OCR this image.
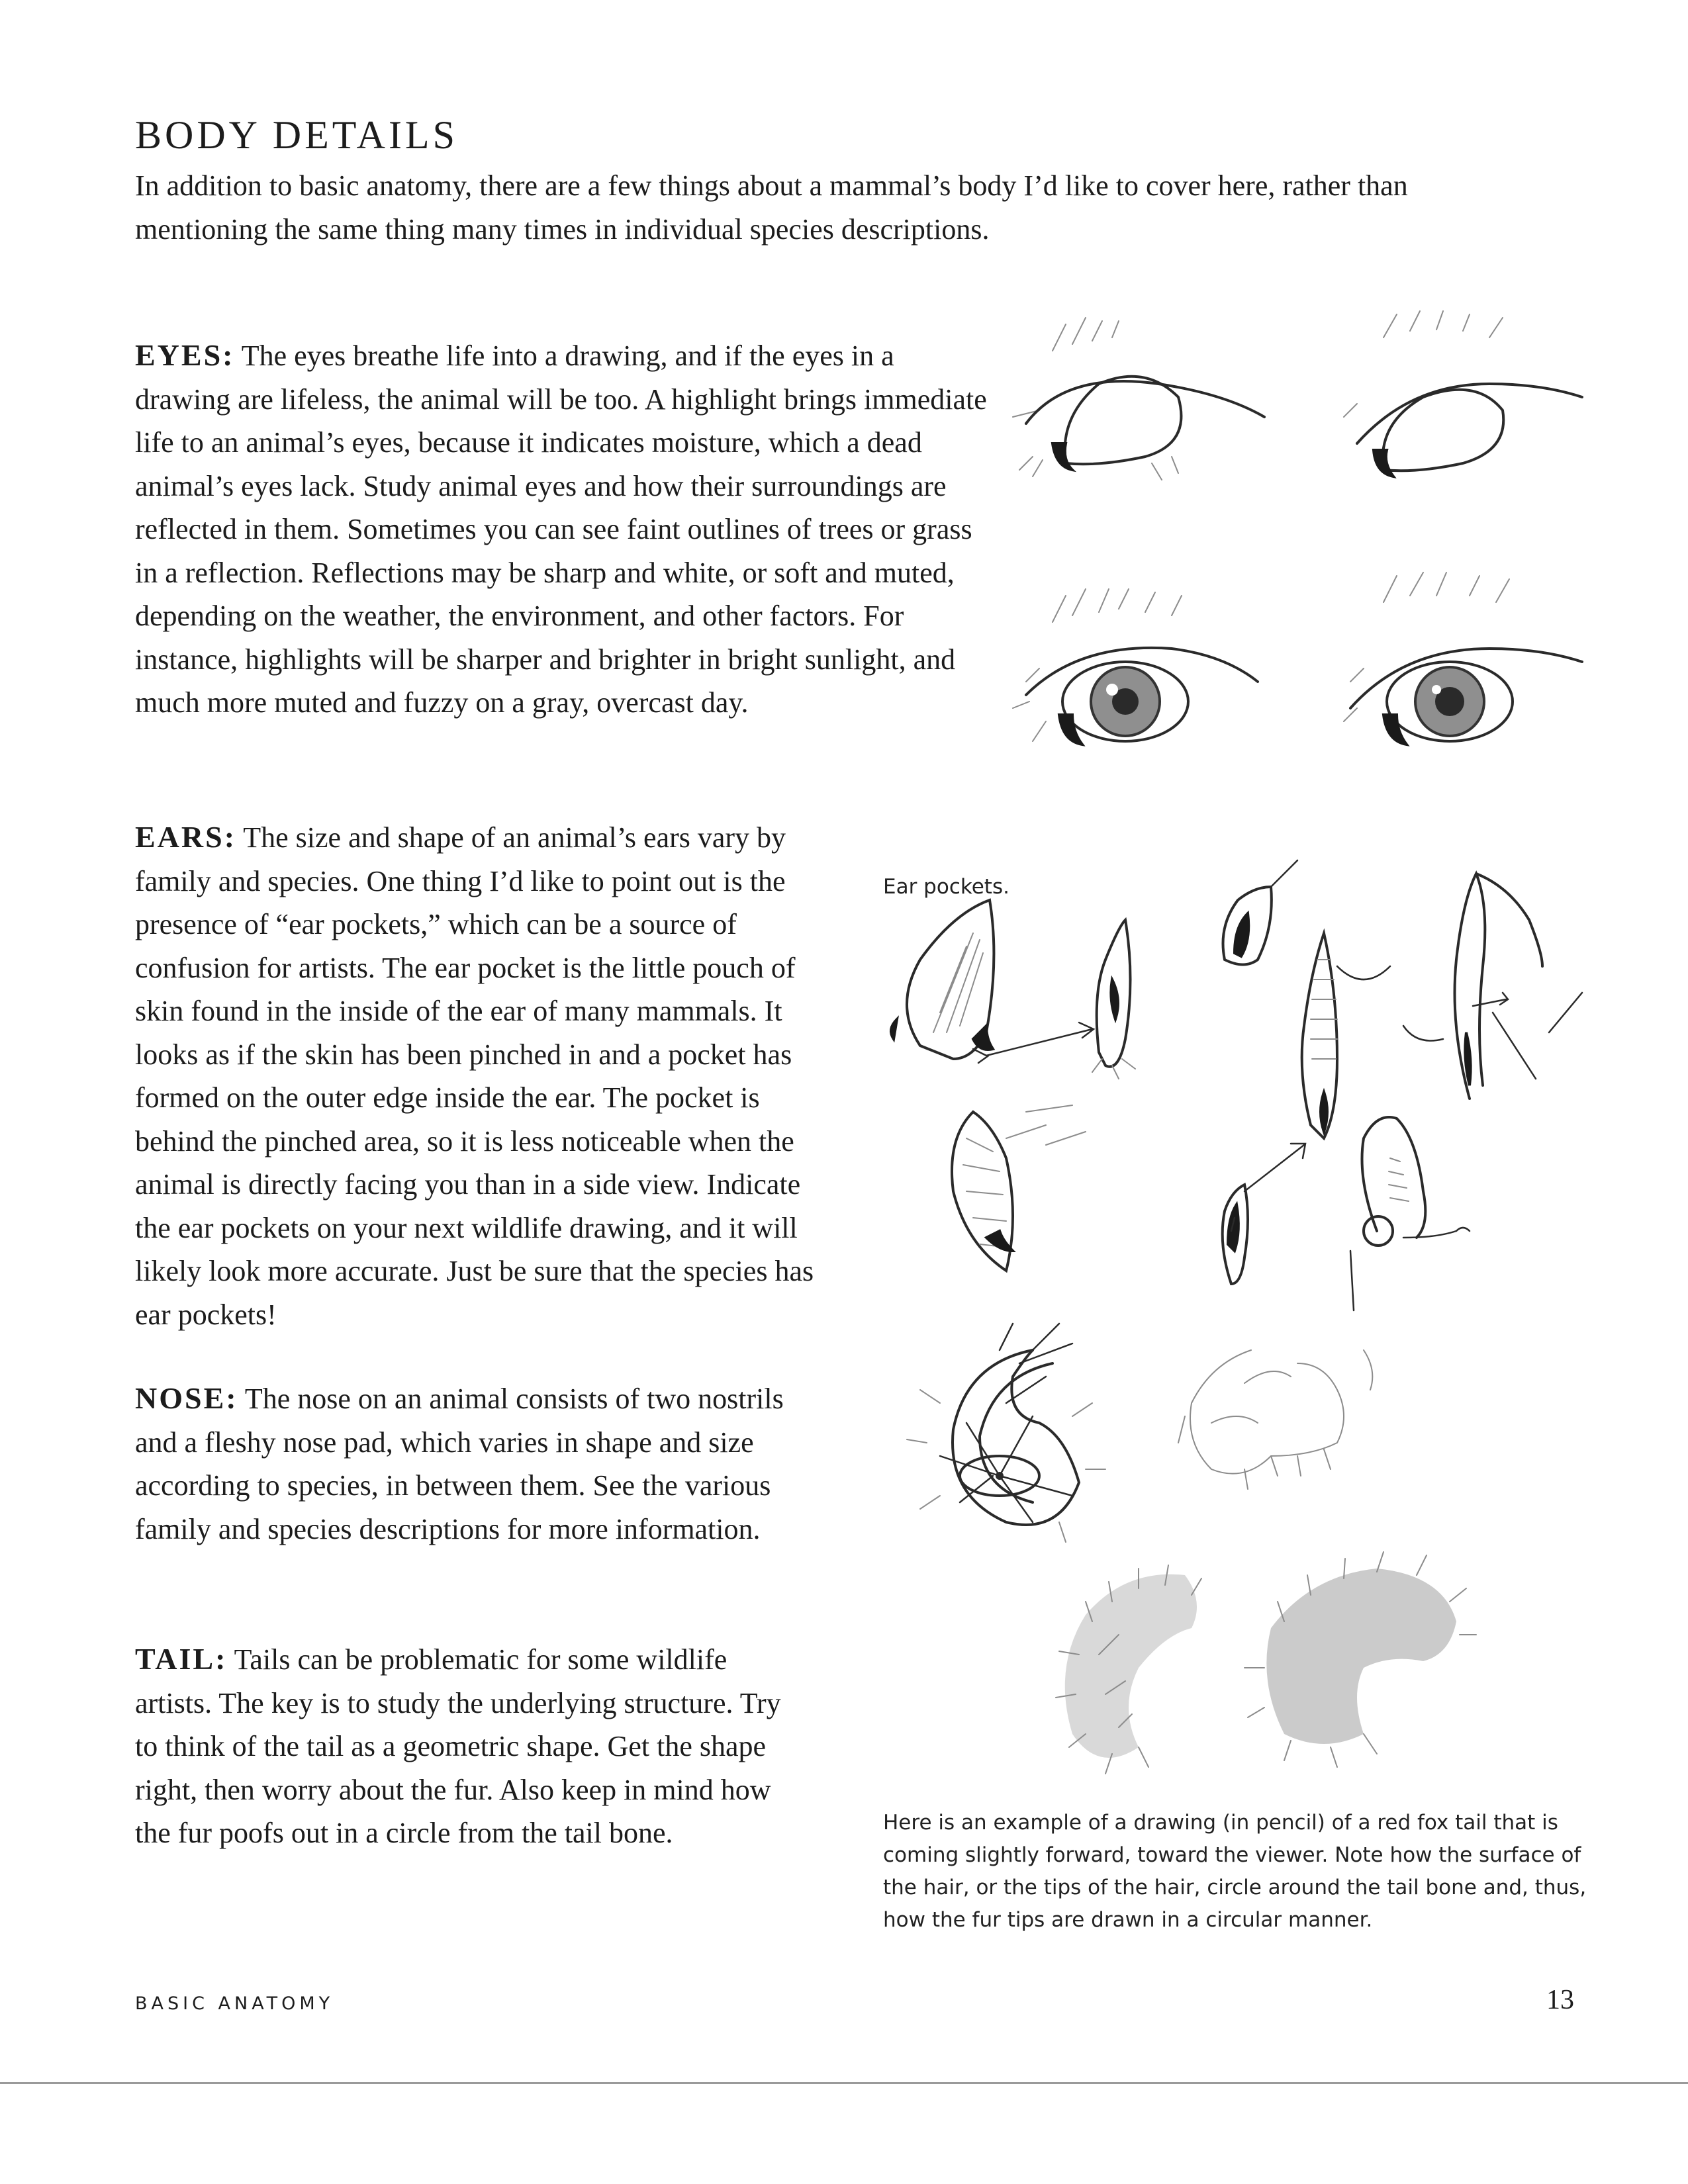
BODY DETAILS

In addition to basic anatomy, there are a few things about a mammal’s body I’d like to cover here, rather than mentioning the same thing many times in individual species descriptions.

EYES: The eyes breathe life into a drawing, and if the eyes in a drawing are lifeless, the animal will be too. A highlight brings immediate life to an animal’s eyes, because it indicates moisture, which a dead animal’s eyes lack. Study animal eyes and how their surroundings are reflected in them. Sometimes you can see faint outlines of trees or grass in a reflection. Reflections may be sharp and white, or soft and muted, depending on the weather, the environment, and other factors. For instance, highlights will be sharper and brighter in bright sunlight, and much more muted and fuzzy on a gray, overcast day.

EARS: The size and shape of an animal’s ears vary by family and species. One thing I’d like to point out is the presence of “ear pockets,” which can be a source of confusion for artists. The ear pocket is the little pouch of skin found in the inside of the ear of many mammals. It looks as if the skin has been pinched in and a pocket has formed on the outer edge inside the ear. The pocket is behind the pinched area, so it is less noticeable when the animal is directly facing you than in a side view. Indicate the ear pockets on your next wildlife drawing, and it will likely look more accurate. Just be sure that the species has ear pockets!

NOSE: The nose on an animal consists of two nostrils and a fleshy nose pad, which varies in shape and size according to species, in between them. See the various family and species descriptions for more information.

TAIL: Tails can be problematic for some wildlife artists. The key is to study the underlying structure. Try to think of the tail as a geometric shape. Get the shape right, then worry about the fur. Also keep in mind how the fur poofs out in a circle from the tail bone.

Ear pockets.

Here is an example of a drawing (in pencil) of a red fox tail that is coming slightly forward, toward the viewer. Note how the surface of the hair, or the tips of the hair, circle around the tail bone and, thus, how the fur tips are drawn in a circular manner.

BASIC ANATOMY	13
